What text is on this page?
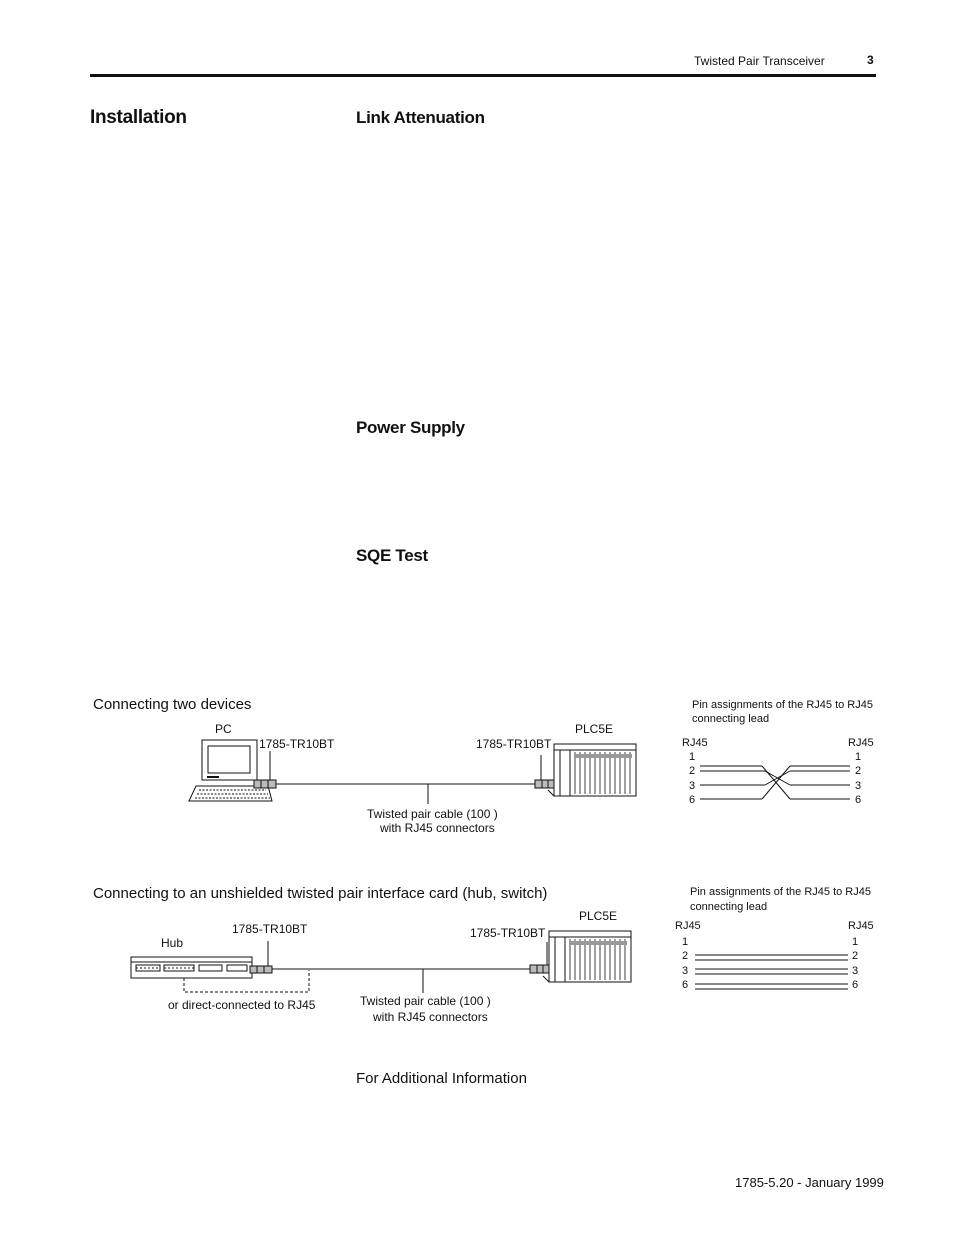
Twisted Pair Transceiver	3
Installation	Link Attenuation
Power Supply
SQE Test
Connecting two devices
PC
1785-TR10BT	1785-TR10BT
PLC5E
Twisted pair cable (100 )
with RJ45 connectors
Pin assignments of the RJ45 to RJ45
connecting lead
RJ45	RJ45
1
2
3
6
1
2
3
6
Connecting to an unshielded twisted pair interface card (hub, switch)
Hub
1785-TR10BT	1785-TR10BT
PLC5E
or direct-connected to RJ45	Twisted pair cable (100 )
with RJ45 connectors
Pin assignments of the RJ45 to RJ45
connecting lead
RJ45	RJ45
1
2
3
6
1
2
3
6
For Additional Information
1785-5.20 - January 1999
